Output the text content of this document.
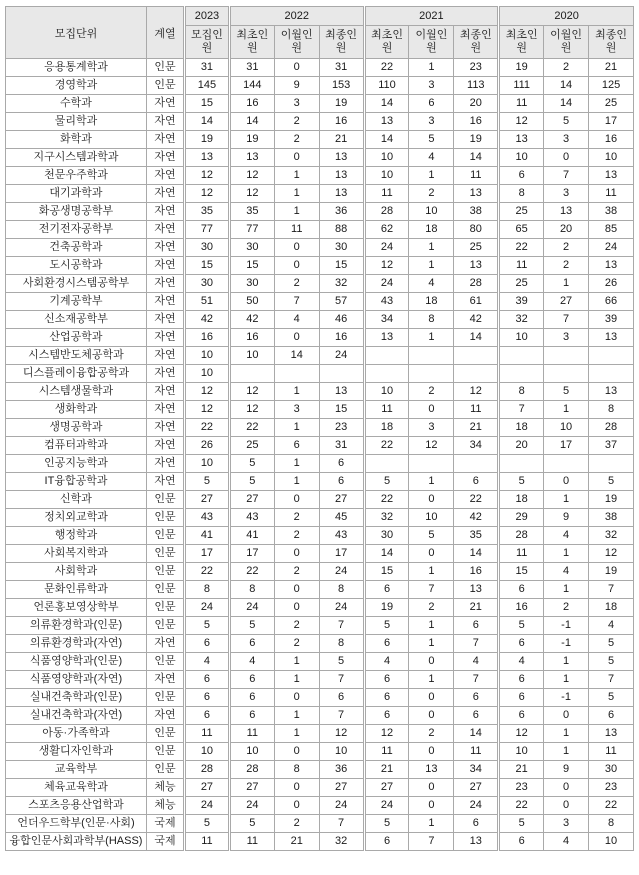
모집단위	계열	2023	2022			2021			2020		
		모집인원	최초인원	이월인원	최종인원	최초인원	이월인원	최종인원	최초인원	이월인원	최종인원
응용통계학과	인문	31	31	0	31	22	1	23	19	2	21
경영학과	인문	145	144	9	153	110	3	113	111	14	125
수학과	자연	15	16	3	19	14	6	20	11	14	25
물리학과	자연	14	14	2	16	13	3	16	12	5	17
화학과	자연	19	19	2	21	14	5	19	13	3	16
지구시스템과학과	자연	13	13	0	13	10	4	14	10	0	10
천문우주학과	자연	12	12	1	13	10	1	11	6	7	13
대기과학과	자연	12	12	1	13	11	2	13	8	3	11
화공생명공학부	자연	35	35	1	36	28	10	38	25	13	38
전기전자공학부	자연	77	77	11	88	62	18	80	65	20	85
건축공학과	자연	30	30	0	30	24	1	25	22	2	24
도시공학과	자연	15	15	0	15	12	1	13	11	2	13
사회환경시스템공학부	자연	30	30	2	32	24	4	28	25	1	26
기계공학부	자연	51	50	7	57	43	18	61	39	27	66
신소재공학부	자연	42	42	4	46	34	8	42	32	7	39
산업공학과	자연	16	16	0	16	13	1	14	10	3	13
시스템반도체공학과	자연	10	10	14	24						
디스플레이융합공학과	자연	10									
시스템생물학과	자연	12	12	1	13	10	2	12	8	5	13
생화학과	자연	12	12	3	15	11	0	11	7	1	8
생명공학과	자연	22	22	1	23	18	3	21	18	10	28
컴퓨터과학과	자연	26	25	6	31	22	12	34	20	17	37
인공지능학과	자연	10	5	1	6						
IT융합공학과	자연	5	5	1	6	5	1	6	5	0	5
신학과	인문	27	27	0	27	22	0	22	18	1	19
정치외교학과	인문	43	43	2	45	32	10	42	29	9	38
행정학과	인문	41	41	2	43	30	5	35	28	4	32
사회복지학과	인문	17	17	0	17	14	0	14	11	1	12
사회학과	인문	22	22	2	24	15	1	16	15	4	19
문화인류학과	인문	8	8	0	8	6	7	13	6	1	7
언론홍보영상학부	인문	24	24	0	24	19	2	21	16	2	18
의류환경학과(인문)	인문	5	5	2	7	5	1	6	5	-1	4
의류환경학과(자연)	자연	6	6	2	8	6	1	7	6	-1	5
식품영양학과(인문)	인문	4	4	1	5	4	0	4	4	1	5
식품영양학과(자연)	자연	6	6	1	7	6	1	7	6	1	7
실내건축학과(인문)	인문	6	6	0	6	6	0	6	6	-1	5
실내건축학과(자연)	자연	6	6	1	7	6	0	6	6	0	6
아동·가족학과	인문	11	11	1	12	12	2	14	12	1	13
생활디자인학과	인문	10	10	0	10	11	0	11	10	1	11
교육학부	인문	28	28	8	36	21	13	34	21	9	30
체육교육학과	체능	27	27	0	27	27	0	27	23	0	23
스포츠응용산업학과	체능	24	24	0	24	24	0	24	22	0	22
언더우드학부(인문·사회)	국제	5	5	2	7	5	1	6	5	3	8
융합인문사회과학부(HASS)	국제	11	11	21	32	6	7	13	6	4	10
